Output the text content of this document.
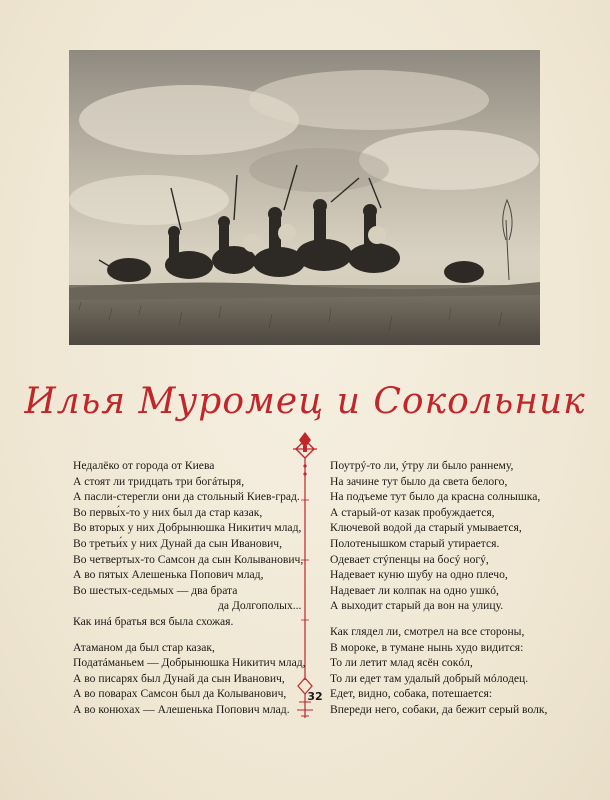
Илья Муромец и Сокольник
32
Недалёко от города от Киева
А стоят ли тридцать три богáтыря,
А пасли-стерегли они да стольный Киев-град.
Во первы́х-то у них был да стар казак,
Во вторых у них Добрынюшка Никитич млад,
Во третьи́х у них Дунай да сын Иванович,
Во четвертых-то Самсон да сын Колыванович,
А во пятых Алешенька Попович млад,
Во шестых-седьмых — два брата
да Долгополых...
Как инá братья вся была схожая.
Атаманом да был стар казак,
Податáманьем — Добрынюшка Никитич млад,
А во писарях был Дунай да сын Иванович,
А во поварах Самсон был да Колыванович,
А во конюхах — Алешенька Попович млад.
Поутрý-то ли, ýтру ли было раннему,
На зачине тут было да света белого,
На подъеме тут было да красна солнышка,
А старый-от казак пробуждается,
Ключевой водой да старый умывается,
Полотенышком старый утирается.
Одевает стýпенцы на босý ногý,
Надевает куню шубу на одно плечо,
Надевает ли колпак на одно ушкó,
А выходит старый да вон на улицу.
Как глядел ли, смотрел на все стороны,
В мороке, в тумане нынь худо видится:
То ли летит млад ясён сокóл,
То ли едет там удалый добрый мóлодец.
Едет, видно, собака, потешается:
Впереди него, собаки, да бежит серый волк,
